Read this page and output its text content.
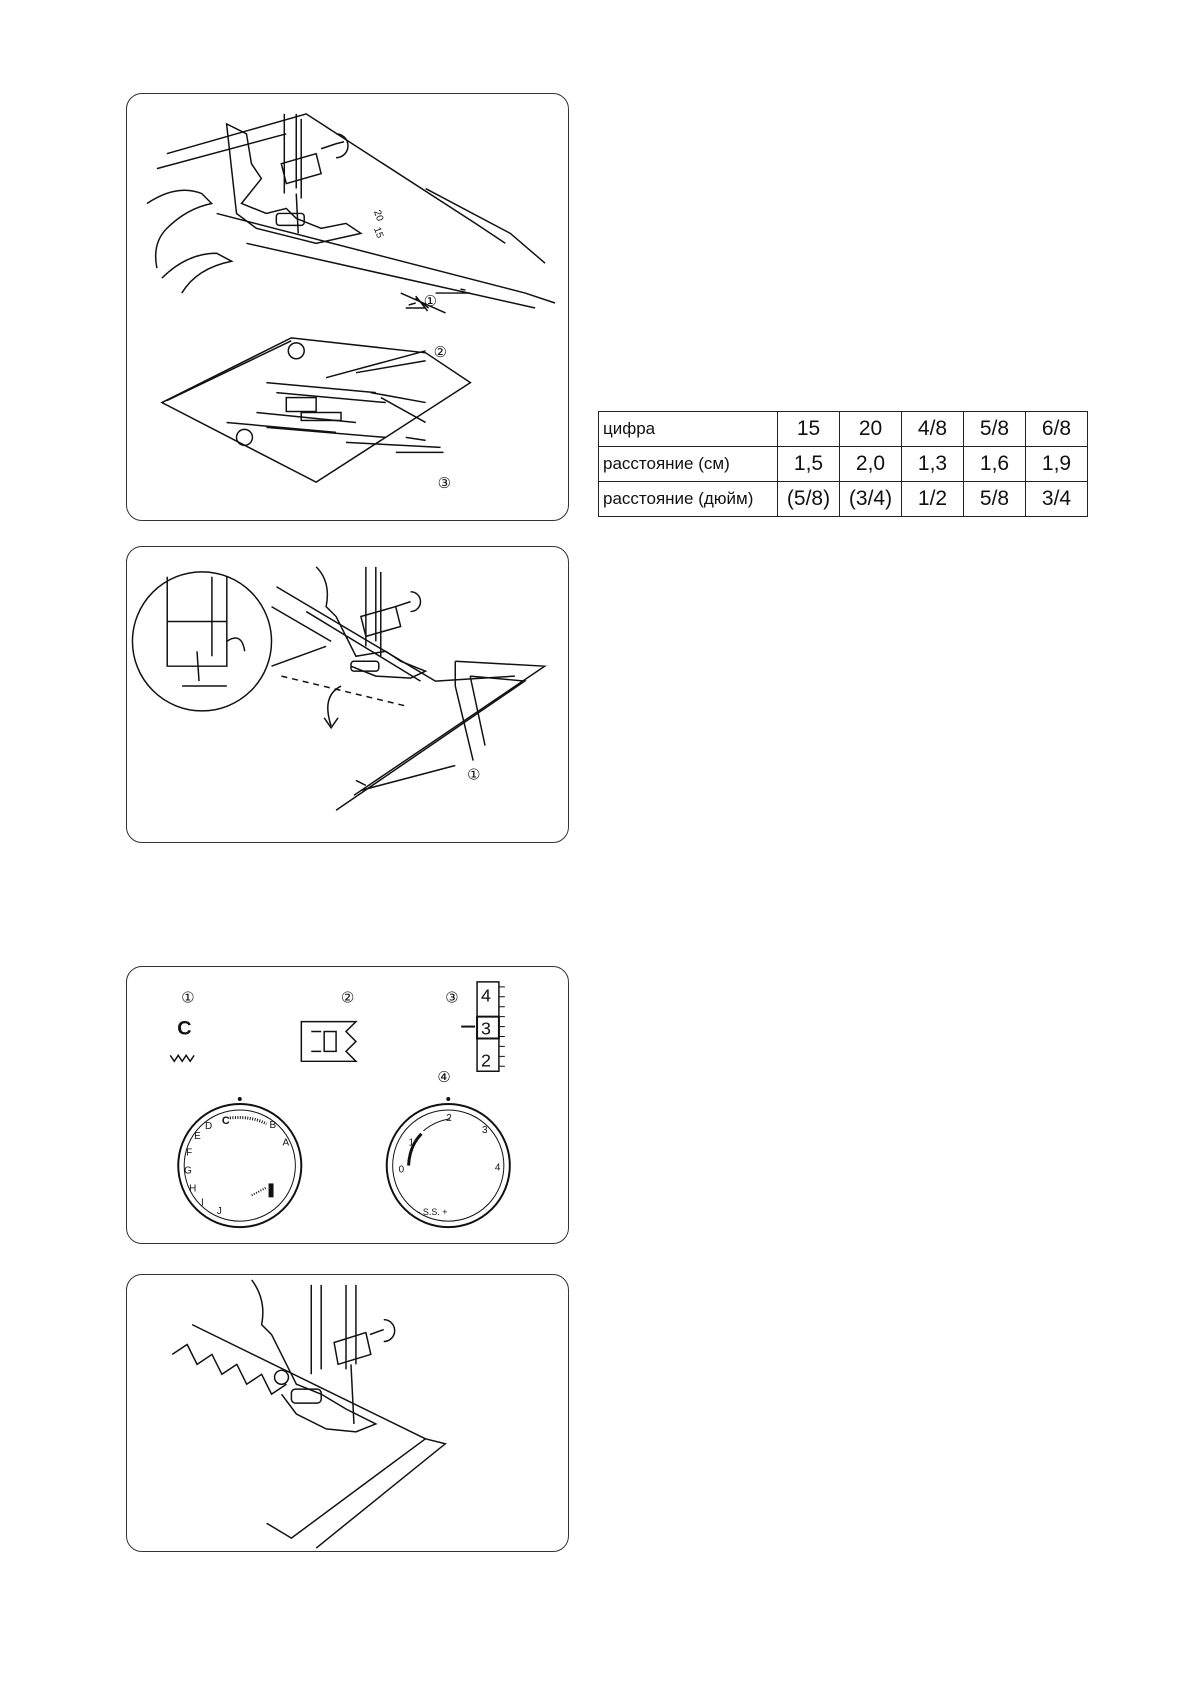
20
15
①
②
③
цифра	15	20	4/8	5/8	6/8
расстояние (см)	1,5	2,0	1,3	1,6	1,9
расстояние (дюйм)	(5/8)	(3/4)	1/2	5/8	3/4
①
①	②	③
④
C
4
3
2
C	B
A
D
E
F
G
H
I
J
0
1
2
3
4
- S.S. +
